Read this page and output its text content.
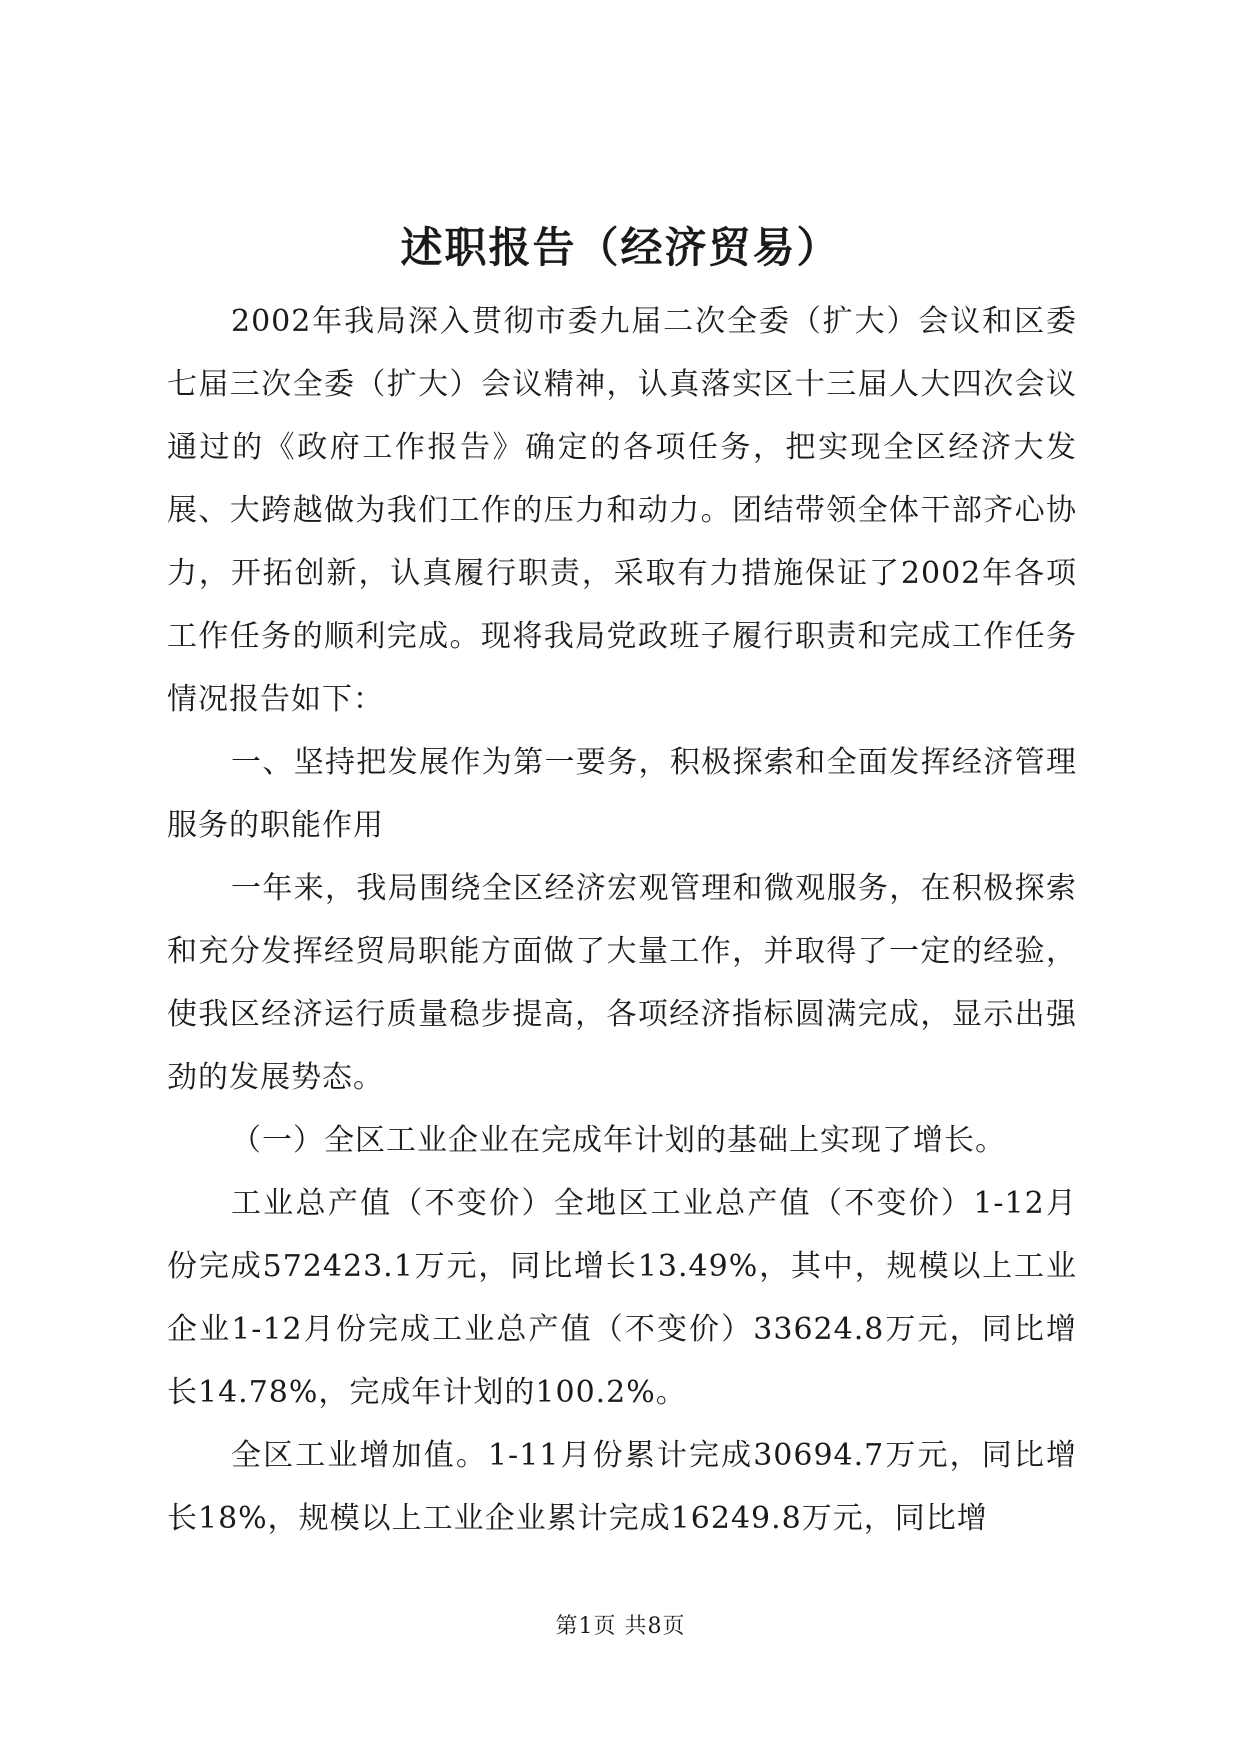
述职报告（经济贸易）

2002年我局深入贯彻市委九届二次全委（扩大）会议和区委七届三次全委（扩大）会议精神，认真落实区十三届人大四次会议通过的《政府工作报告》确定的各项任务，把实现全区经济大发展、大跨越做为我们工作的压力和动力。团结带领全体干部齐心协力，开拓创新，认真履行职责，采取有力措施保证了2002年各项工作任务的顺利完成。现将我局党政班子履行职责和完成工作任务情况报告如下：

一、坚持把发展作为第一要务，积极探索和全面发挥经济管理服务的职能作用

一年来，我局围绕全区经济宏观管理和微观服务，在积极探索和充分发挥经贸局职能方面做了大量工作，并取得了一定的经验，使我区经济运行质量稳步提高，各项经济指标圆满完成，显示出强劲的发展势态。

（一）全区工业企业在完成年计划的基础上实现了增长。

工业总产值（不变价）全地区工业总产值（不变价）1-12月份完成572423.1万元，同比增长13.49%，其中，规模以上工业企业1-12月份完成工业总产值（不变价）33624.8万元，同比增长14.78%，完成年计划的100.2%。

全区工业增加值。1-11月份累计完成30694.7万元，同比增长18%，规模以上工业企业累计完成16249.8万元，同比增

第1页 共8页
